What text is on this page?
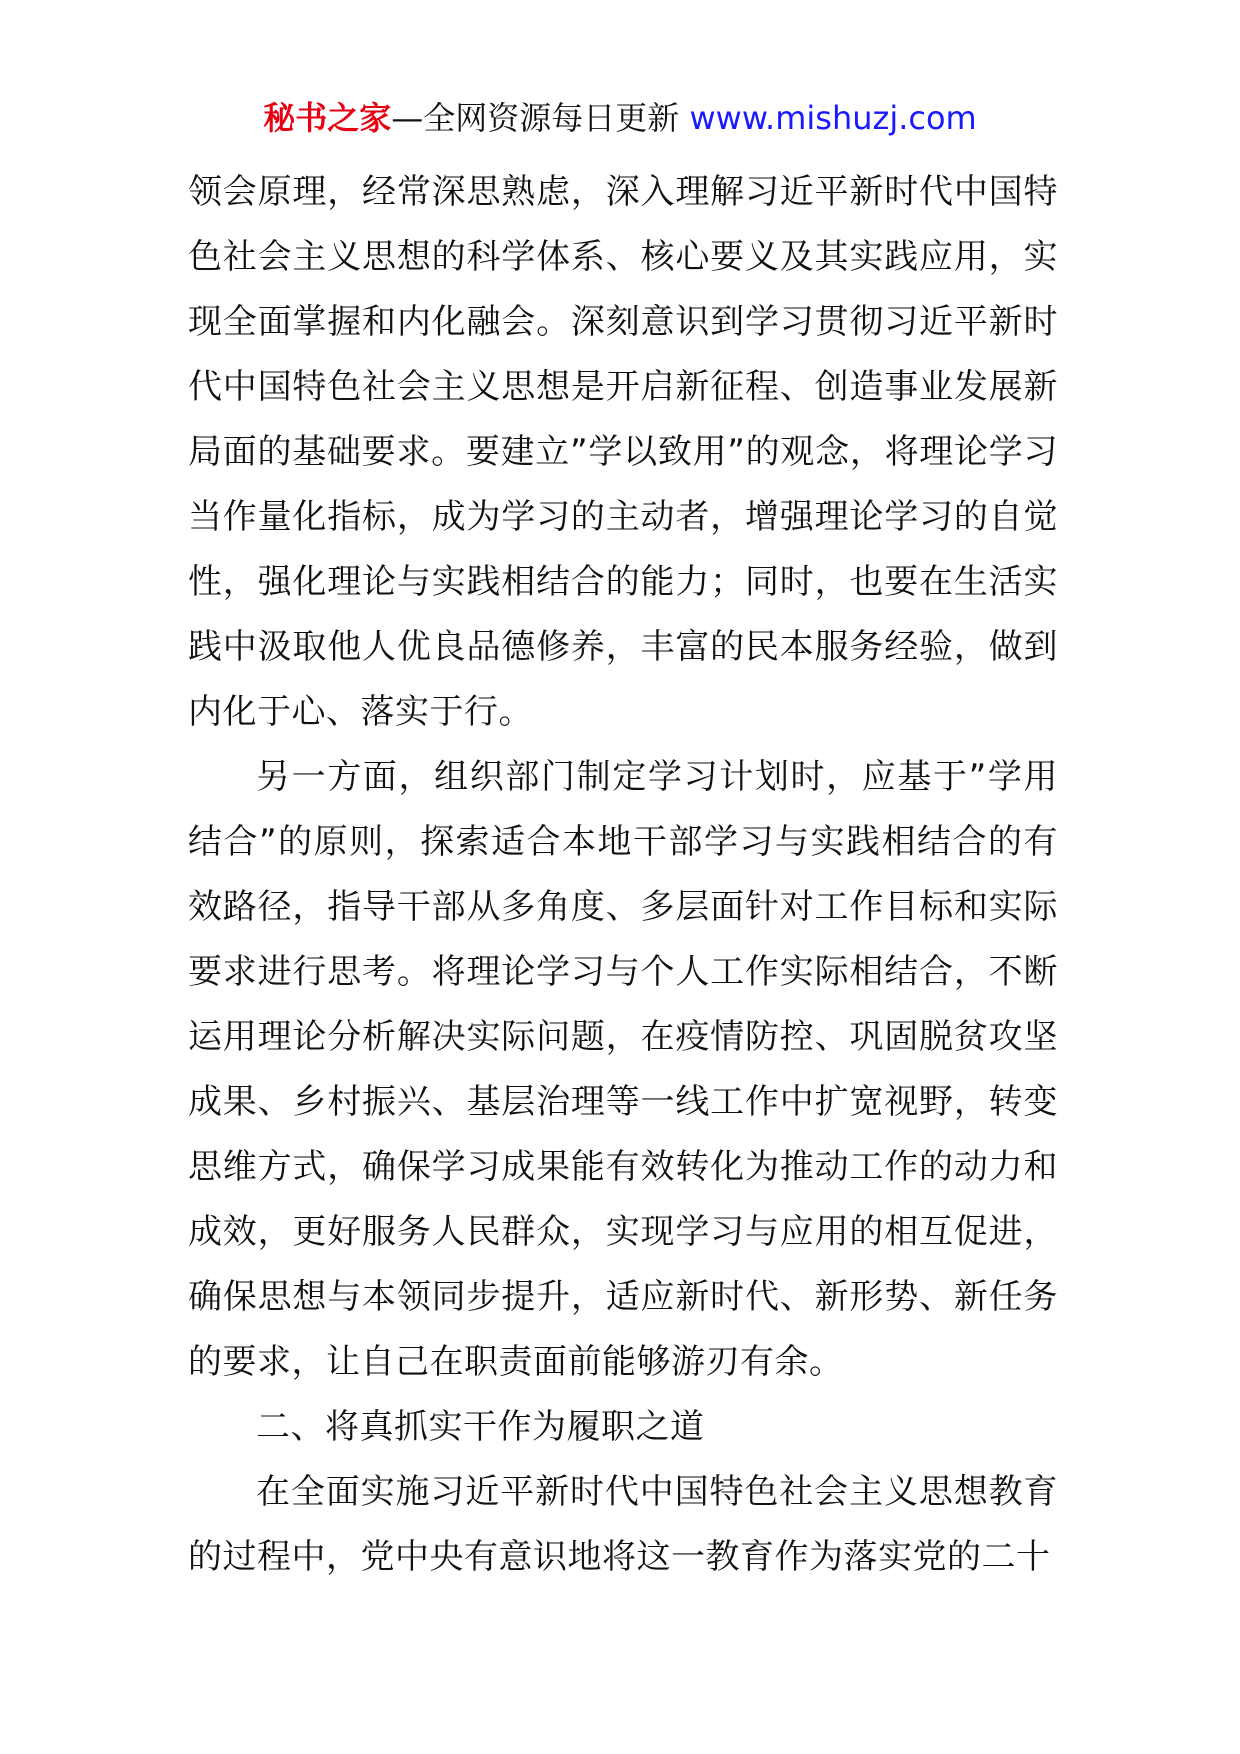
秘书之家—全网资源每日更新 www.mishuzj.com

领会原理，经常深思熟虑，深入理解习近平新时代中国特色社会主义思想的科学体系、核心要义及其实践应用，实现全面掌握和内化融会。深刻意识到学习贯彻习近平新时代中国特色社会主义思想是开启新征程、创造事业发展新局面的基础要求。要建立”学以致用”的观念，将理论学习当作量化指标，成为学习的主动者，增强理论学习的自觉性，强化理论与实践相结合的能力；同时，也要在生活实践中汲取他人优良品德修养，丰富的民本服务经验，做到内化于心、落实于行。

另一方面，组织部门制定学习计划时，应基于”学用结合”的原则，探索适合本地干部学习与实践相结合的有效路径，指导干部从多角度、多层面针对工作目标和实际要求进行思考。将理论学习与个人工作实际相结合，不断运用理论分析解决实际问题，在疫情防控、巩固脱贫攻坚成果、乡村振兴、基层治理等一线工作中扩宽视野，转变思维方式，确保学习成果能有效转化为推动工作的动力和成效，更好服务人民群众，实现学习与应用的相互促进，确保思想与本领同步提升，适应新时代、新形势、新任务的要求，让自己在职责面前能够游刃有余。

二、将真抓实干作为履职之道

在全面实施习近平新时代中国特色社会主义思想教育的过程中，党中央有意识地将这一教育作为落实党的二十
